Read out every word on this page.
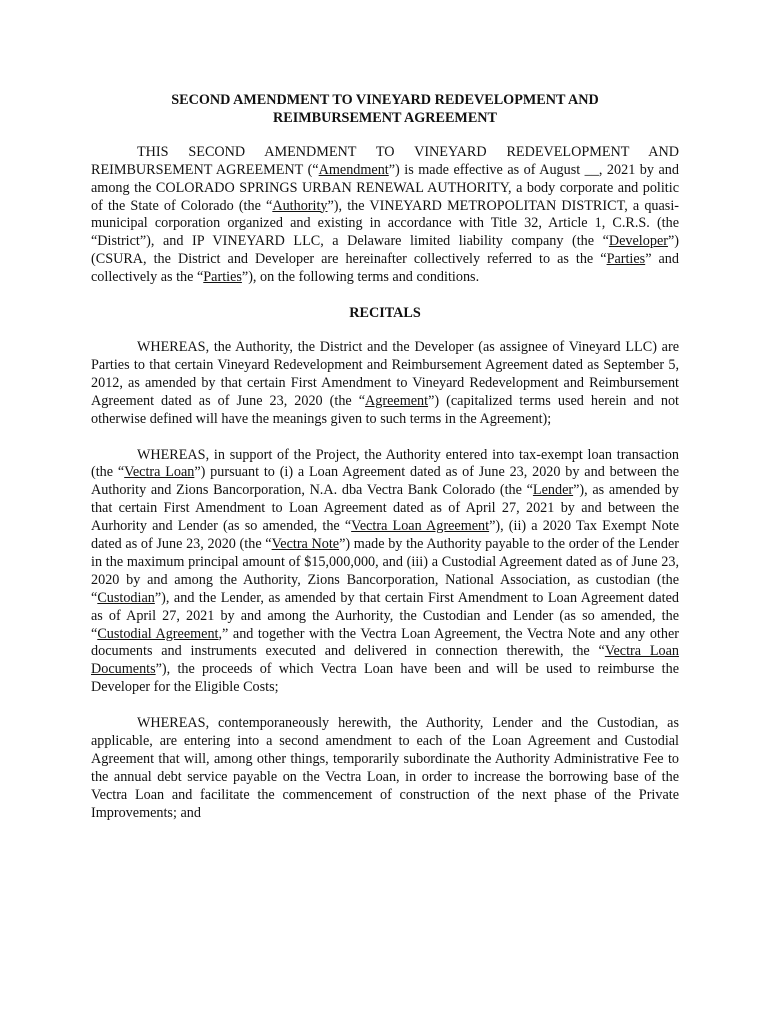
SECOND AMENDMENT TO VINEYARD REDEVELOPMENT AND
REIMBURSEMENT AGREEMENT

THIS SECOND AMENDMENT TO VINEYARD REDEVELOPMENT AND REIMBURSEMENT AGREEMENT (“Amendment”) is made effective as of August __, 2021 by and among the COLORADO SPRINGS URBAN RENEWAL AUTHORITY, a body corporate and politic of the State of Colorado (the “Authority”), the VINEYARD METROPOLITAN DISTRICT, a quasi-municipal corporation organized and existing in accordance with Title 32, Article 1, C.R.S. (the “District”), and IP VINEYARD LLC, a Delaware limited liability company (the “Developer”) (CSURA, the District and Developer are hereinafter collectively referred to as the “Parties” and collectively as the “Parties”), on the following terms and conditions.

RECITALS

WHEREAS, the Authority, the District and the Developer (as assignee of Vineyard LLC) are Parties to that certain Vineyard Redevelopment and Reimbursement Agreement dated as September 5, 2012, as amended by that certain First Amendment to Vineyard Redevelopment and Reimbursement Agreement dated as of June 23, 2020 (the “Agreement”) (capitalized terms used herein and not otherwise defined will have the meanings given to such terms in the Agreement);

WHEREAS, in support of the Project, the Authority entered into tax-exempt loan transaction (the “Vectra Loan”) pursuant to (i) a Loan Agreement dated as of June 23, 2020 by and between the Authority and Zions Bancorporation, N.A. dba Vectra Bank Colorado (the “Lender”), as amended by that certain First Amendment to Loan Agreement dated as of April 27, 2021 by and between the Aurhority and Lender (as so amended, the “Vectra Loan Agreement”), (ii) a 2020 Tax Exempt Note dated as of June 23, 2020 (the “Vectra Note”) made by the Authority payable to the order of the Lender in the maximum principal amount of $15,000,000, and (iii) a Custodial Agreement dated as of June 23, 2020 by and among the Authority, Zions Bancorporation, National Association, as custodian (the “Custodian”), and the Lender, as amended by that certain First Amendment to Loan Agreement dated as of April 27, 2021 by and among the Aurhority, the Custodian and Lender (as so amended, the “Custodial Agreement,” and together with the Vectra Loan Agreement, the Vectra Note and any other documents and instruments executed and delivered in connection therewith, the “Vectra Loan Documents”), the proceeds of which Vectra Loan have been and will be used to reimburse the Developer for the Eligible Costs;

WHEREAS, contemporaneously herewith, the Authority, Lender and the Custodian, as applicable, are entering into a second amendment to each of the Loan Agreement and Custodial Agreement that will, among other things, temporarily subordinate the Authority Administrative Fee to the annual debt service payable on the Vectra Loan, in order to increase the borrowing base of the Vectra Loan and facilitate the commencement of construction of the next phase of the Private Improvements; and
